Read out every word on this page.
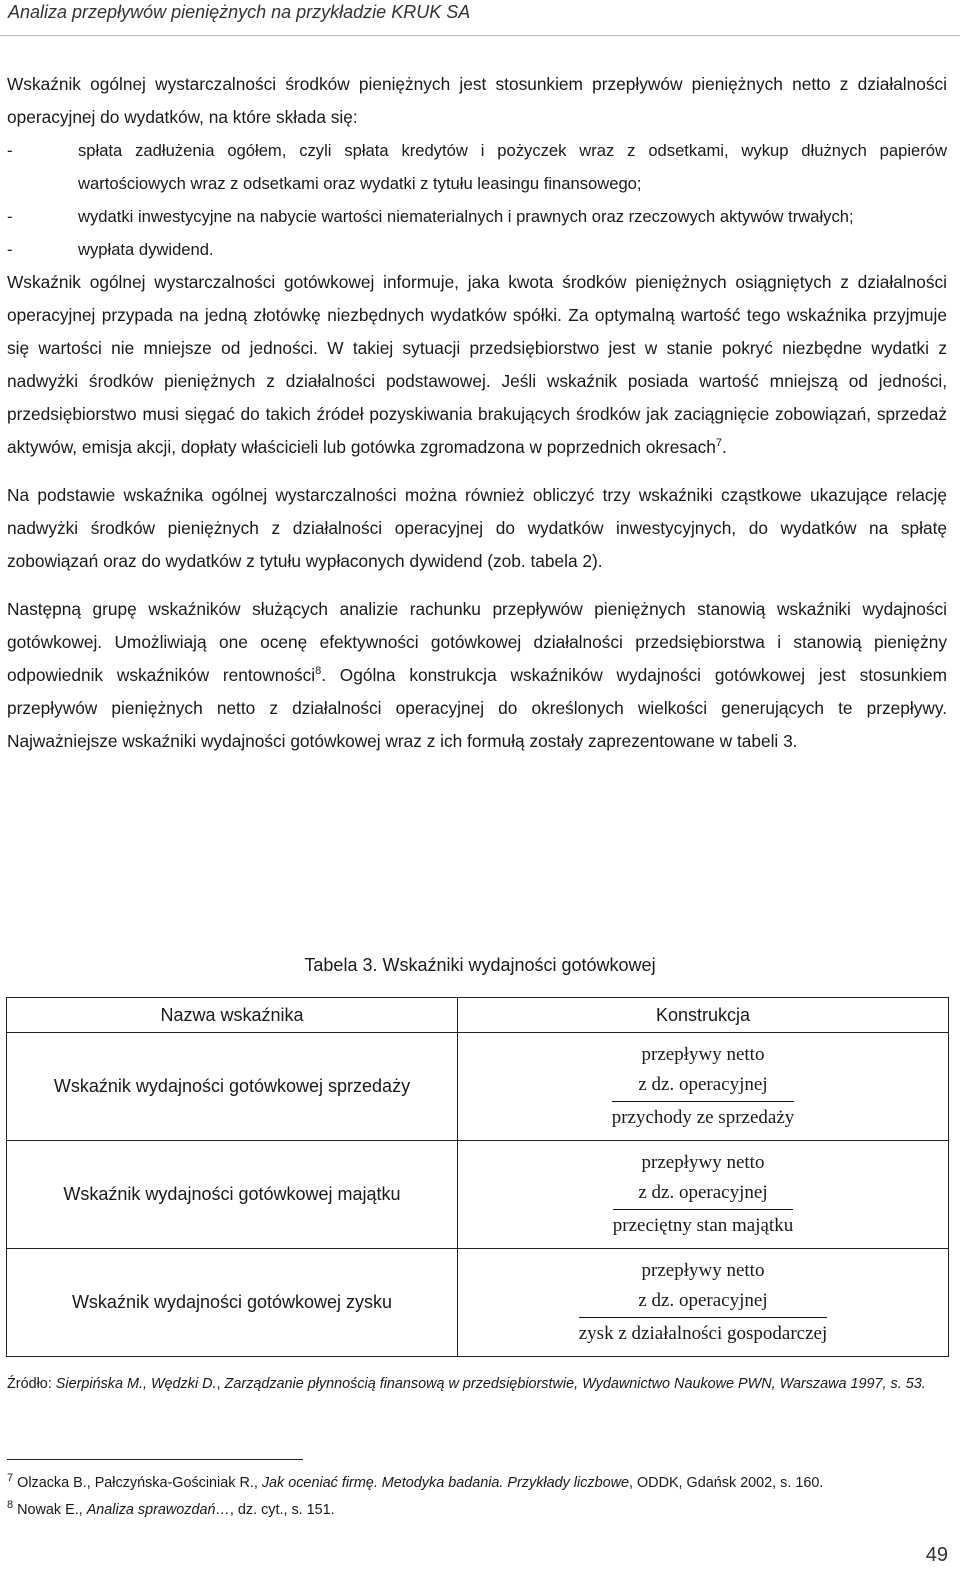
Analiza przepływów pieniężnych na przykładzie KRUK SA

Wskaźnik ogólnej wystarczalności środków pieniężnych jest stosunkiem przepływów pieniężnych netto z działalności operacyjnej do wydatków, na które składa się:

-	spłata zadłużenia ogółem, czyli spłata kredytów i pożyczek wraz z odsetkami, wykup dłużnych papierów wartościowych wraz z odsetkami oraz wydatki z tytułu leasingu finansowego;
-	wydatki inwestycyjne na nabycie wartości niematerialnych i prawnych oraz rzeczowych aktywów trwałych;
-	wypłata dywidend.

Wskaźnik ogólnej wystarczalności gotówkowej informuje, jaka kwota środków pieniężnych osiągniętych z działalności operacyjnej przypada na jedną złotówkę niezbędnych wydatków spółki. Za optymalną wartość tego wskaźnika przyjmuje się wartości nie mniejsze od jedności. W takiej sytuacji przedsiębiorstwo jest w stanie pokryć niezbędne wydatki z nadwyżki środków pieniężnych z działalności podstawowej. Jeśli wskaźnik posiada wartość mniejszą od jedności, przedsiębiorstwo musi sięgać do takich źródeł pozyskiwania brakujących środków jak zaciągnięcie zobowiązań, sprzedaż aktywów, emisja akcji, dopłaty właścicieli lub gotówka zgromadzona w poprzednich okresach$^7$.

Na podstawie wskaźnika ogólnej wystarczalności można również obliczyć trzy wskaźniki cząstkowe ukazujące relację nadwyżki środków pieniężnych z działalności operacyjnej do wydatków inwestycyjnych, do wydatków na spłatę zobowiązań oraz do wydatków z tytułu wypłaconych dywidend (zob. tabela 2).

Następną grupę wskaźników służących analizie rachunku przepływów pieniężnych stanowią wskaźniki wydajności gotówkowej. Umożliwiają one ocenę efektywności gotówkowej działalności przedsiębiorstwa i stanowią pieniężny odpowiednik wskaźników rentowności$^8$. Ogólna konstrukcja wskaźników wydajności gotówkowej jest stosunkiem przepływów pieniężnych netto z działalności operacyjnej do określonych wielkości generujących te przepływy. Najważniejsze wskaźniki wydajności gotówkowej wraz z ich formułą zostały zaprezentowane w tabeli 3.

Tabela 3. Wskaźniki wydajności gotówkowej
Nazwa wskaźnika	Konstrukcja
Wskaźnik wydajności gotówkowej sprzedaży	przepływy netto
z dz. operacyjnej
przychody ze sprzedaży

Wskaźnik wydajności gotówkowej majątku	przepływy netto
z dz. operacyjnej
przeciętny stan majątku

Wskaźnik wydajności gotówkowej zysku	przepływy netto
z dz. operacyjnej
zysk z działalności gospodarczej
Źródło: Sierpińska M., Wędzki D., Zarządzanie płynnością finansową w przedsiębiorstwie, Wydawnictwo Naukowe PWN, Warszawa 1997, s. 53.
$^7$ Olzacka B., Pałczyńska-Gościniak R., Jak oceniać firmę. Metodyka badania. Przykłady liczbowe, ODDK, Gdańsk 2002, s. 160.
$^8$ Nowak E., Analiza sprawozdań…, dz. cyt., s. 151.
49
